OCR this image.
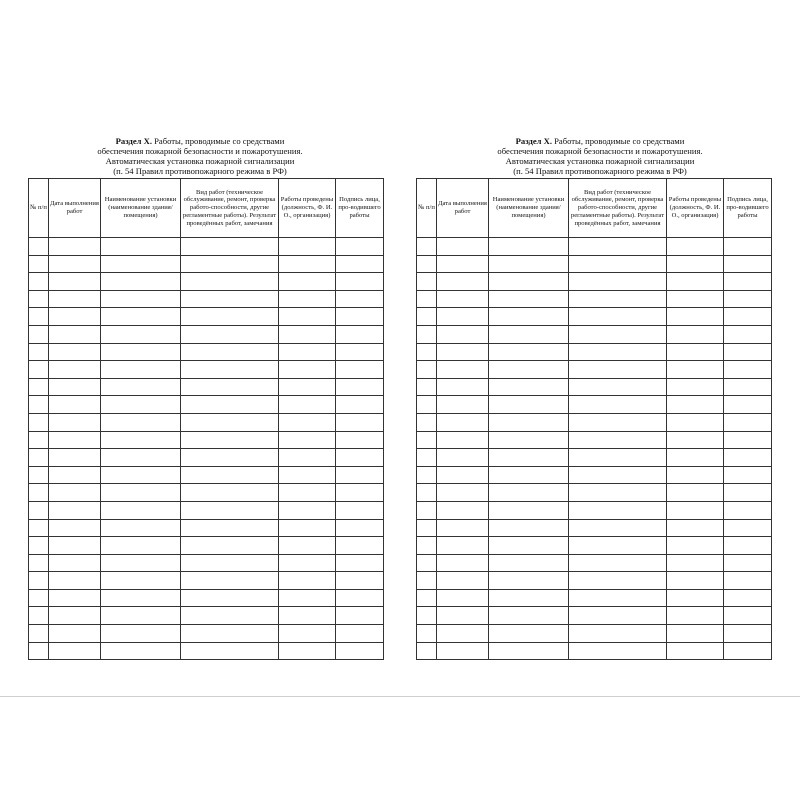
Раздел X. Работы, проводимые со средствами
обеспечения пожарной безопасности и пожаротушения.
Автоматическая установка пожарной сигнализации
(п. 54 Правил противопожарного режима в РФ)
№ п/п	Дата выполнения работ	Наименование установки (наименование здания/помещения)	Вид работ (техническое обслуживание, ремонт, проверка работо-способности, другие регламентные работы). Результат проведённых работ, замечания	Работы проведены (должность, Ф. И. О., организация)	Подпись лица, про-водившего работы

Раздел X. Работы, проводимые со средствами
обеспечения пожарной безопасности и пожаротушения.
Автоматическая установка пожарной сигнализации
(п. 54 Правил противопожарного режима в РФ)
№ п/п	Дата выполнения работ	Наименование установки (наименование здания/помещения)	Вид работ (техническое обслуживание, ремонт, проверка работо-способности, другие регламентные работы). Результат проведённых работ, замечания	Работы проведены (должность, Ф. И. О., организация)	Подпись лица, про-водившего работы
